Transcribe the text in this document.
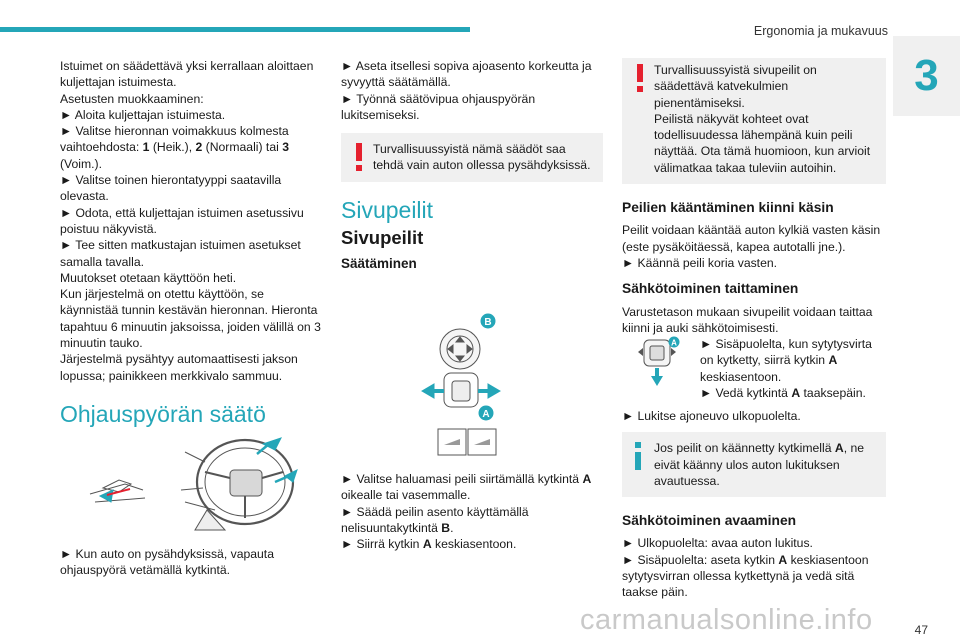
Ergonomia ja mukavuus
3

Istuimet on säädettävä yksi kerrallaan aloittaen kuljettajan istuimesta.

Asetusten muokkaaminen:

► Aloita kuljettajan istuimesta.

► Valitse hieronnan voimakkuus kolmesta vaihtoehdosta: 1 (Heik.), 2 (Normaali) tai 3 (Voim.).

► Valitse toinen hierontatyyppi saatavilla olevasta.

► Odota, että kuljettajan istuimen asetussivu poistuu näkyvistä.

► Tee sitten matkustajan istuimen asetukset samalla tavalla.

Muutokset otetaan käyttöön heti.

Kun järjestelmä on otettu käyttöön, se käynnistää tunnin kestävän hieronnan. Hieronta tapahtuu 6 minuutin jaksoissa, joiden välillä on 3 minuutin tauko.

Järjestelmä pysähtyy automaattisesti jakson lopussa; painikkeen merkkivalo sammuu.

Ohjauspyörän säätö
► Kun auto on pysähdyksissä, vapauta ohjauspyörä vetämällä kytkintä.

► Aseta itsellesi sopiva ajoasento korkeutta ja syvyyttä säätämällä.

► Työnnä säätövipua ohjauspyörän lukitsemiseksi.

Turvallisuussyistä nämä säädöt saa tehdä vain auton ollessa pysähdyksissä.
Sivupeilit
Sivupeilit
Säätäminen
B
A

► Valitse haluamasi peili siirtämällä kytkintä A oikealle tai vasemmalle.

► Säädä peilin asento käyttämällä nelisuuntakytkintä B.

► Siirrä kytkin A keskiasentoon.

Turvallisuussyistä sivupeilit on säädettävä katvekulmien pienentämiseksi.
Peilistä näkyvät kohteet ovat todellisuudessa lähempänä kuin peili näyttää. Ota tämä huomioon, kun arvioit välimatkaa takaa tuleviin autoihin.
Peilien kääntäminen kiinni käsin

Peilit voidaan kääntää auton kylkiä vasten käsin (este pysäköitäessä, kapea autotalli jne.).

► Käännä peili koria vasten.

Sähkötoiminen taittaminen

Varustetason mukaan sivupeilit voidaan taittaa kiinni ja auki sähkötoimisesti.

A ► Sisäpuolelta, kun sytytysvirta on kytketty, siirrä kytkin A keskiasentoon.

► Vedä kytkintä A taaksepäin.

► Lukitse ajoneuvo ulkopuolelta.

Jos peilit on käännetty kytkimellä A, ne eivät käänny ulos auton lukituksen avautuessa.
Sähkötoiminen avaaminen

► Ulkopuolelta: avaa auton lukitus.

► Sisäpuolelta: aseta kytkin A keskiasentoon sytytysvirran ollessa kytkettynä ja vedä sitä taakse päin.

carmanualsonline.info	47
